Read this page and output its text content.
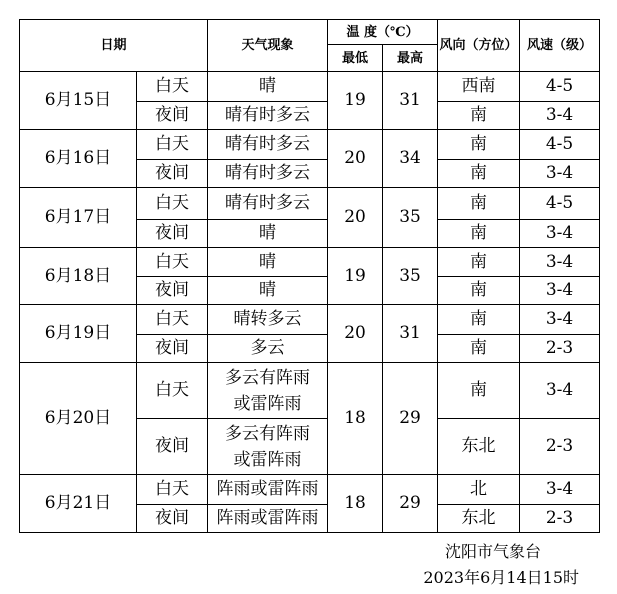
日期		天气现象	温 度（℃）		风向（方位）	风速（级）
			最低	最高		
6月15日	白天	晴	19	31	西南	4-5
	夜间	晴有时多云			南	3-4
6月16日	白天	晴有时多云	20	34	南	4-5
	夜间	晴有时多云			南	3-4
6月17日	白天	晴有时多云	20	35	南	4-5
	夜间	晴			南	3-4
6月18日	白天	晴	19	35	南	3-4
	夜间	晴			南	3-4
6月19日	白天	晴转多云	20	31	南	3-4
	夜间	多云			南	2-3
6月20日	白天	多云有阵雨或雷阵雨	18	29	南	3-4
	夜间	多云有阵雨或雷阵雨			东北	2-3
6月21日	白天	阵雨或雷阵雨	18	29	北	3-4
	夜间	阵雨或雷阵雨			东北	2-3
沈阳市气象台
2023年6月14日15时
